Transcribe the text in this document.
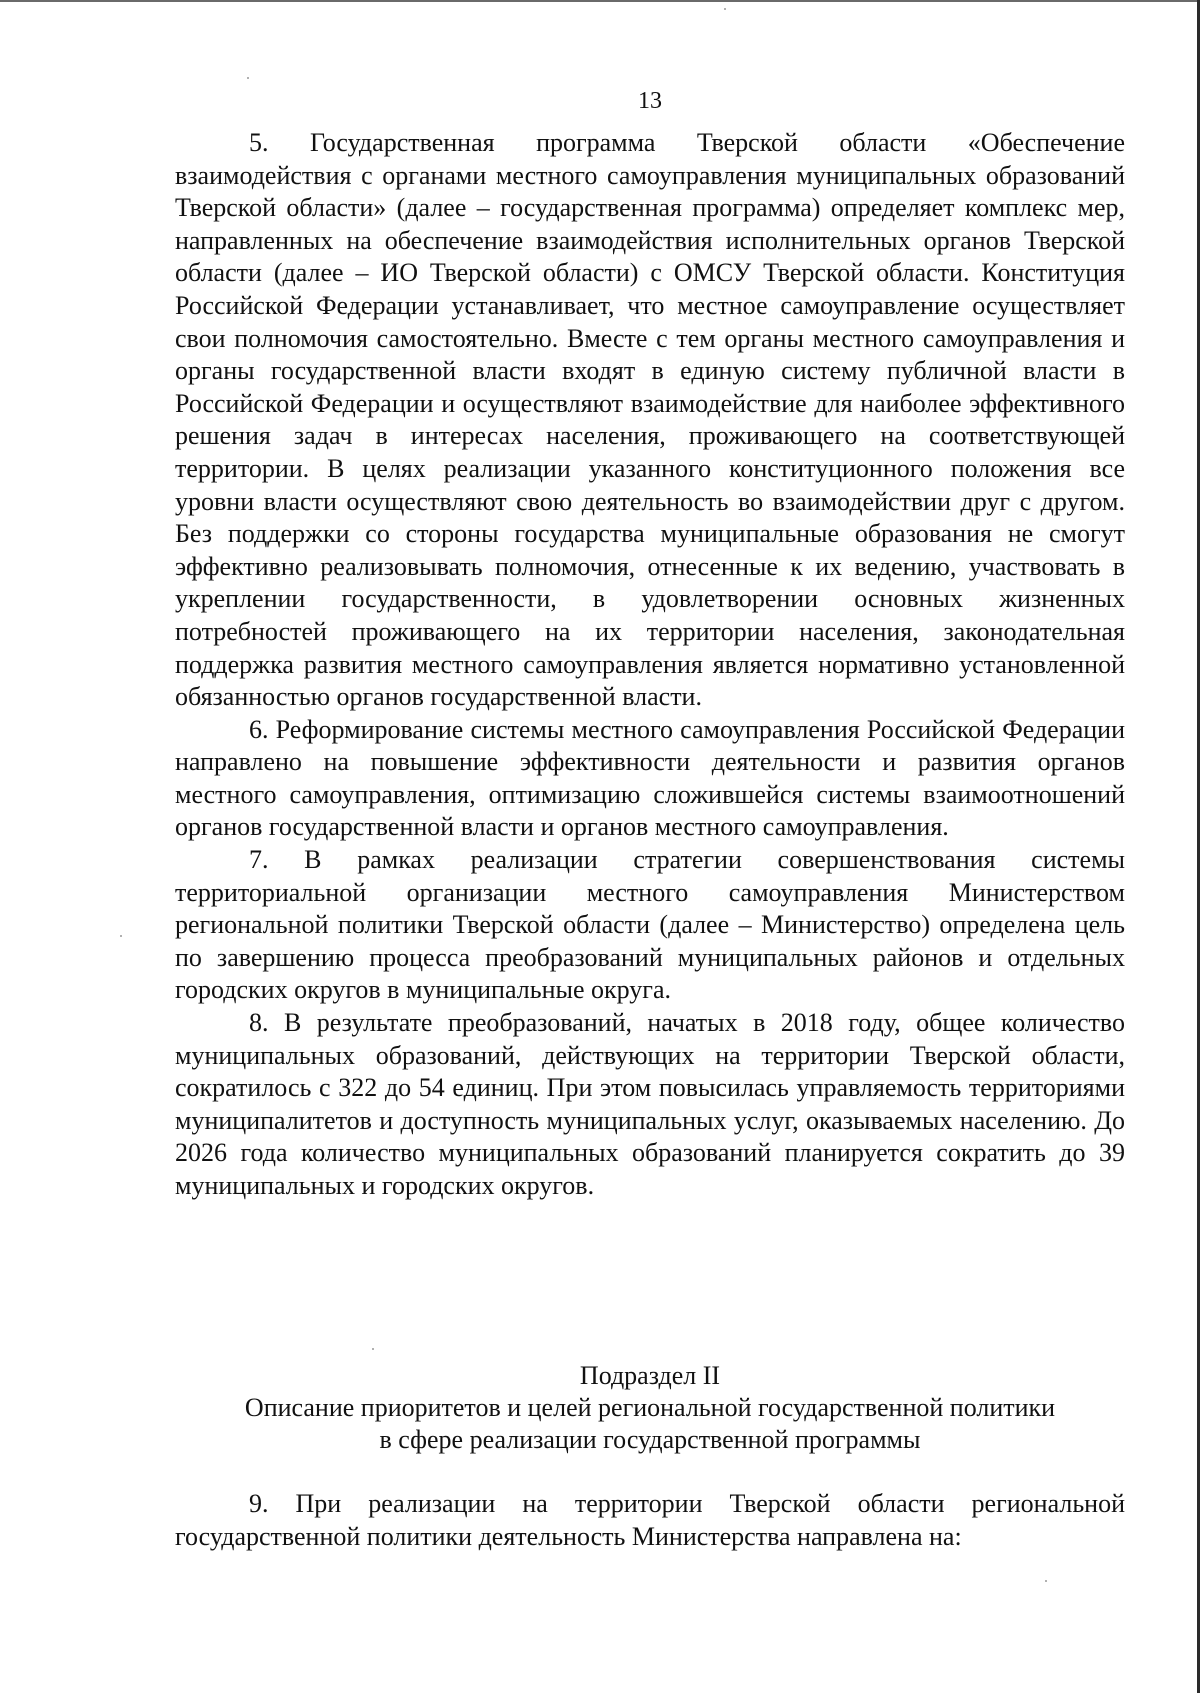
13

5. Государственная программа Тверской области «Обеспечение взаимодействия с органами местного самоуправления муниципальных образований Тверской области» (далее – государственная программа) определяет комплекс мер, направленных на обеспечение взаимодействия исполнительных органов Тверской области (далее – ИО Тверской области) с ОМСУ Тверской области. Конституция Российской Федерации устанавливает, что местное самоуправление осуществляет свои полномочия самостоятельно. Вместе с тем органы местного самоуправления и органы государственной власти входят в единую систему публичной власти в Российской Федерации и осуществляют взаимодействие для наиболее эффективного решения задач в интересах населения, проживающего на соответствующей территории. В целях реализации указанного конституционного положения все уровни власти осуществляют свою деятельность во взаимодействии друг с другом. Без поддержки со стороны государства муниципальные образования не смогут эффективно реализовывать полномочия, отнесенные к их ведению, участвовать в укреплении государственности, в удовлетворении основных жизненных потребностей проживающего на их территории населения, законодательная поддержка развития местного самоуправления является нормативно установленной обязанностью органов государственной власти.

6. Реформирование системы местного самоуправления Российской Федерации направлено на повышение эффективности деятельности и развития органов местного самоуправления, оптимизацию сложившейся системы взаимоотношений органов государственной власти и органов местного самоуправления.

7. В рамках реализации стратегии совершенствования системы территориальной организации местного самоуправления Министерством региональной политики Тверской области (далее – Министерство) определена цель по завершению процесса преобразований муниципальных районов и отдельных городских округов в муниципальные округа.

8. В результате преобразований, начатых в 2018 году, общее количество муниципальных образований, действующих на территории Тверской области, сократилось с 322 до 54 единиц. При этом повысилась управляемость территориями муниципалитетов и доступность муниципальных услуг, оказываемых населению. До 2026 года количество муниципальных образований планируется сократить до 39 муниципальных и городских округов.

Подраздел II
Описание приоритетов и целей региональной государственной политики
в сфере реализации государственной программы

9. При реализации на территории Тверской области региональной государственной политики деятельность Министерства направлена на:
